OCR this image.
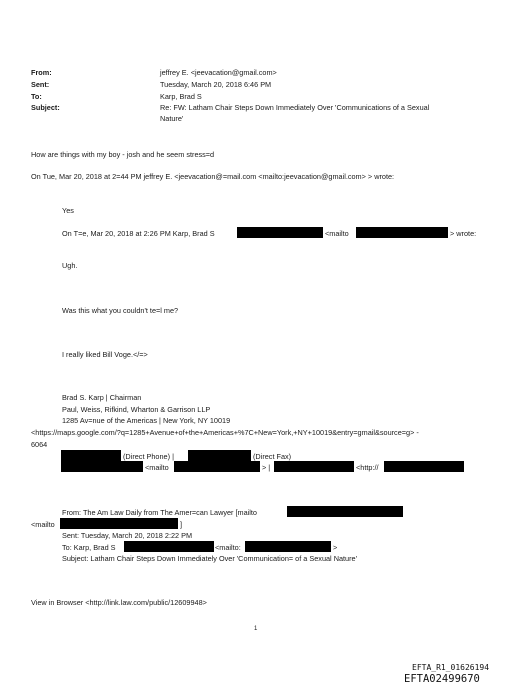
From:	jeffrey E. <jeevacation@gmail.com>
Sent:	Tuesday, March 20, 2018 6:46 PM
To:	Karp, Brad S
Subject:	Re: FW: Latham Chair Steps Down Immediately Over 'Communications of a Sexual
Nature'
How are things with my boy - josh and he seem stress=d
On Tue, Mar 20, 2018 at 2=44 PM jeffrey E. <jeevacation@=mail.com <mailto:jeevacation@gmail.com> > wrote:
Yes
On T=e, Mar 20, 2018 at 2:26 PM Karp, Brad S	<mailto	> wrote:
Ugh.
Was this what you couldn't te=l me?
I really liked Bill Voge.</=>
Brad S. Karp | Chairman
Paul, Weiss, Rifkind, Wharton & Garrison LLP
1285 Av=nue of the Americas | New York, NY 10019
<https://maps.google.com/?q=1285+Avenue+of+the+Americas+%7C+New=York,+NY+10019&entry=gmail&source=g> -
6064
(Direct Phone) |	(Direct Fax)
<mailto	> |	<http://
From: The Am Law Daily from The Amer=can Lawyer [mailto
<mailto	]
Sent: Tuesday, March 20, 2018 2:22 PM
To: Karp, Brad S	<mailto:	>
Subject: Latham Chair Steps Down Immediately Over 'Communication= of a Sexual Nature'
View in Browser <http://link.law.com/public/12609948>
1
EFTA_R1_01626194
EFTA02499670
